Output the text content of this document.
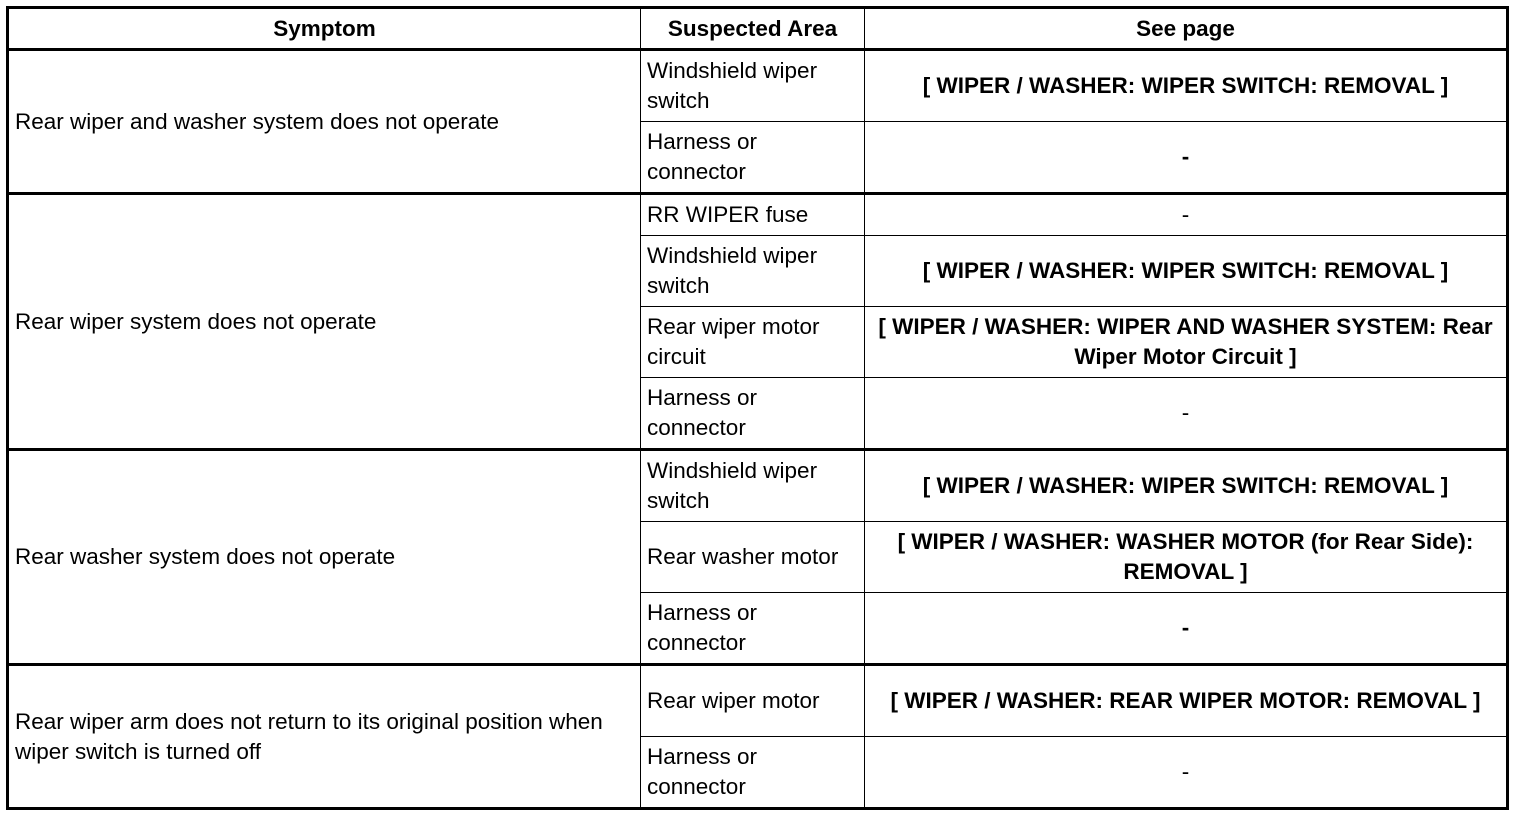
Symptom	Suspected Area	See page
Rear wiper and washer system does not operate	Windshield wiper switch	[ WIPER / WASHER: WIPER SWITCH: REMOVAL ]
	Harness or connector	-
Rear wiper system does not operate	RR WIPER fuse	-
	Windshield wiper switch	[ WIPER / WASHER: WIPER SWITCH: REMOVAL ]
	Rear wiper motor circuit	[ WIPER / WASHER: WIPER AND WASHER SYSTEM: Rear Wiper Motor Circuit ]
	Harness or connector	-
Rear washer system does not operate	Windshield wiper switch	[ WIPER / WASHER: WIPER SWITCH: REMOVAL ]
	Rear washer motor	[ WIPER / WASHER: WASHER MOTOR (for Rear Side): REMOVAL ]
	Harness or connector	-
Rear wiper arm does not return to its original position when wiper switch is turned off	Rear wiper motor	[ WIPER / WASHER: REAR WIPER MOTOR: REMOVAL ]
	Harness or connector	-
